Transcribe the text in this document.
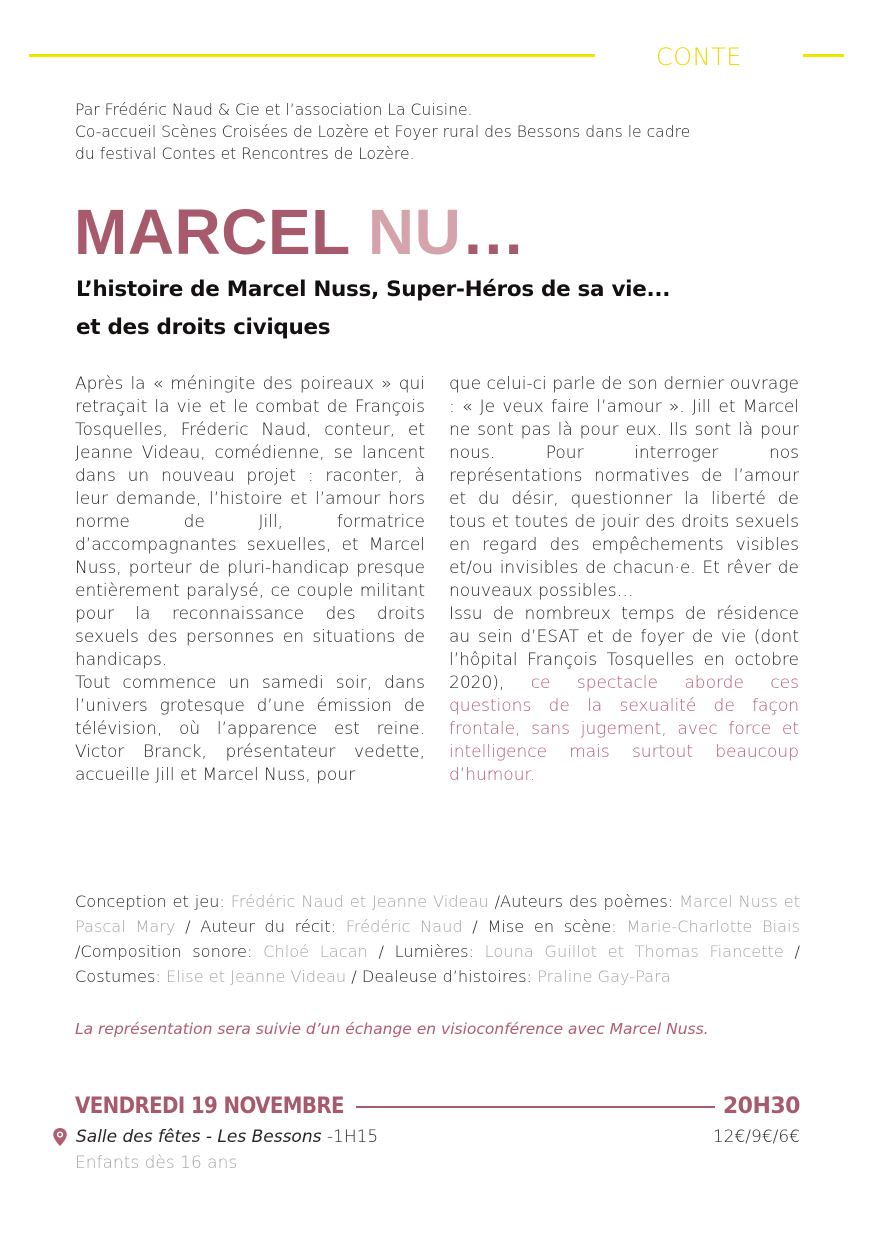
CONTE
Par Frédéric Naud & Cie et l’association La Cuisine.
Co-accueil Scènes Croisées de Lozère et Foyer rural des Bessons dans le cadre
du festival Contes et Rencontres de Lozère.
MARCEL NU…
L’histoire de Marcel Nuss, Super-Héros de sa vie...
et des droits civiques

Après la « méningite des poireaux » qui retraçait la vie et le combat de François Tosquelles, Fréderic Naud, conteur, et Jeanne Videau, comédienne, se lancent dans un nouveau projet : raconter, à leur demande, l’histoire et l’amour hors norme de Jill, formatrice d’accompagnantes sexuelles, et Marcel Nuss, porteur de pluri-handicap presque entièrement paralysé, ce couple militant pour la reconnaissance des droits sexuels des personnes en situations de handicaps.

Tout commence un samedi soir, dans l’univers grotesque d’une émission de télévision, où l’apparence est reine. Victor Branck, présentateur vedette, accueille Jill et Marcel Nuss, pour

que celui-ci parle de son dernier ouvrage : « Je veux faire l’amour ». Jill et Marcel ne sont pas là pour eux. Ils sont là pour nous. Pour interroger nos représentations normatives de l’amour et du désir, questionner la liberté de tous et toutes de jouir des droits sexuels en regard des empêchements visibles et/ou invisibles de chacun·e. Et rêver de nouveaux possibles…

Issu de nombreux temps de résidence au sein d’ESAT et de foyer de vie (dont l’hôpital François Tosquelles en octobre 2020), ce spectacle aborde ces questions de la sexualité de façon frontale, sans jugement, avec force et intelligence mais surtout beaucoup d’humour.

Conception et jeu: Frédéric Naud et Jeanne Videau /Auteurs des poèmes: Marcel Nuss et Pascal Mary / Auteur du récit: Frédéric Naud / Mise en scène: Marie-Charlotte Biais /Composition sonore: Chloé Lacan / Lumières: Louna Guillot et Thomas Fiancette / Costumes: Elise et Jeanne Videau / Dealeuse d’histoires: Praline Gay-Para
La représentation sera suivie d’un échange en visioconférence avec Marcel Nuss.
VENDREDI 19 NOVEMBRE	20H30
Salle des fêtes - Les Bessons -1H15	12€/9€/6€
Enfants dès 16 ans
